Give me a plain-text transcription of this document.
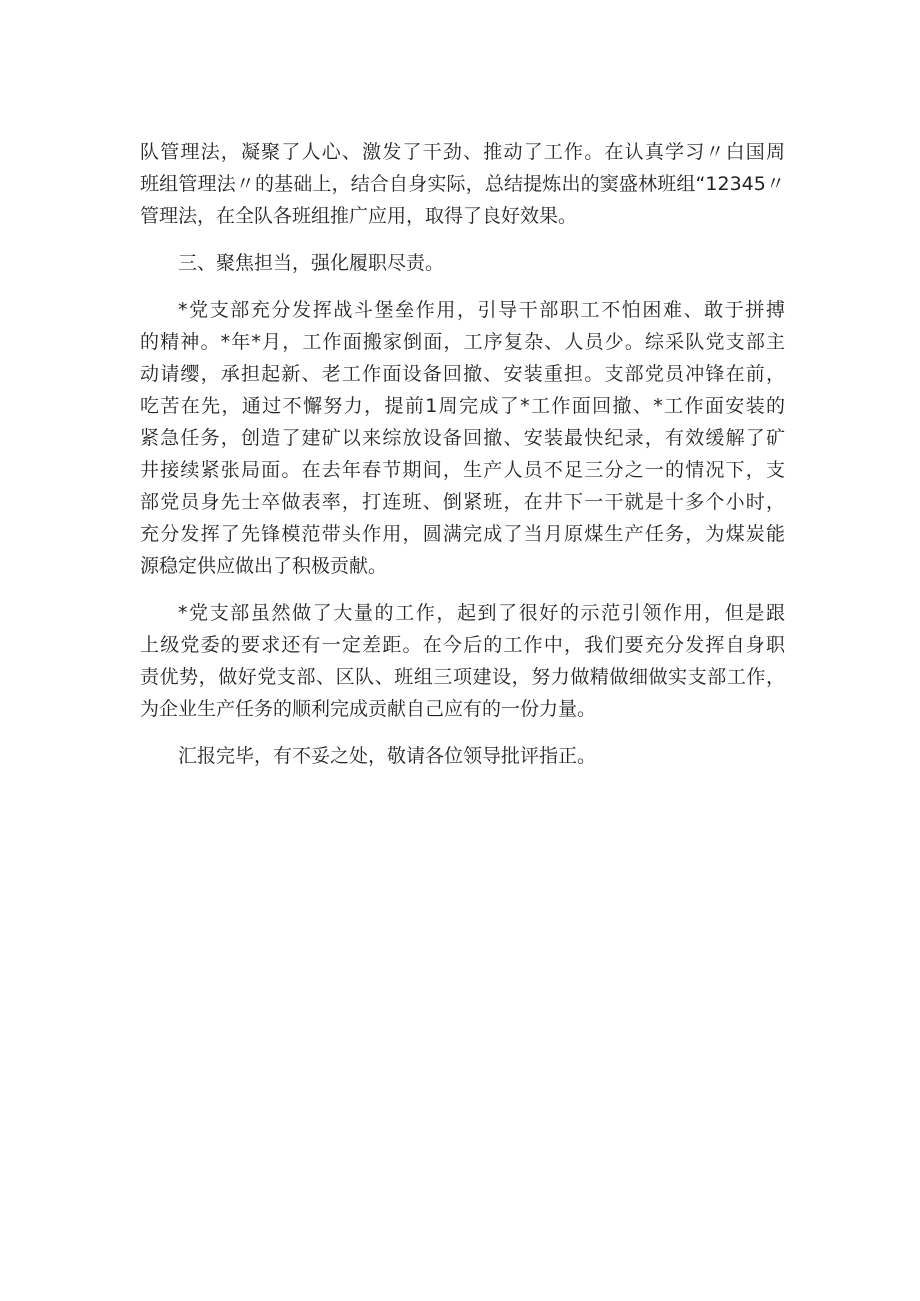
队管理法，凝聚了人心、激发了干劲、推动了工作。在认真学习〃白国周
班组管理法〃的基础上，结合自身实际，总结提炼出的窦盛林班组“12345〃
管理法，在全队各班组推广应用，取得了良好效果。
三、聚焦担当，强化履职尽责。
*党支部充分发挥战斗堡垒作用，引导干部职工不怕困难、敢于拼搏
的精神。*年*月，工作面搬家倒面，工序复杂、人员少。综采队党支部主
动请缨，承担起新、老工作面设备回撤、安装重担。支部党员冲锋在前，
吃苦在先，通过不懈努力，提前1周完成了*工作面回撤、*工作面安装的
紧急任务，创造了建矿以来综放设备回撤、安装最快纪录，有效缓解了矿
井接续紧张局面。在去年春节期间，生产人员不足三分之一的情况下，支
部党员身先士卒做表率，打连班、倒紧班，在井下一干就是十多个小时，
充分发挥了先锋模范带头作用，圆满完成了当月原煤生产任务，为煤炭能
源稳定供应做出了积极贡献。
*党支部虽然做了大量的工作，起到了很好的示范引领作用，但是跟
上级党委的要求还有一定差距。在今后的工作中，我们要充分发挥自身职
责优势，做好党支部、区队、班组三项建设，努力做精做细做实支部工作，
为企业生产任务的顺利完成贡献自己应有的一份力量。
汇报完毕，有不妥之处，敬请各位领导批评指正。
